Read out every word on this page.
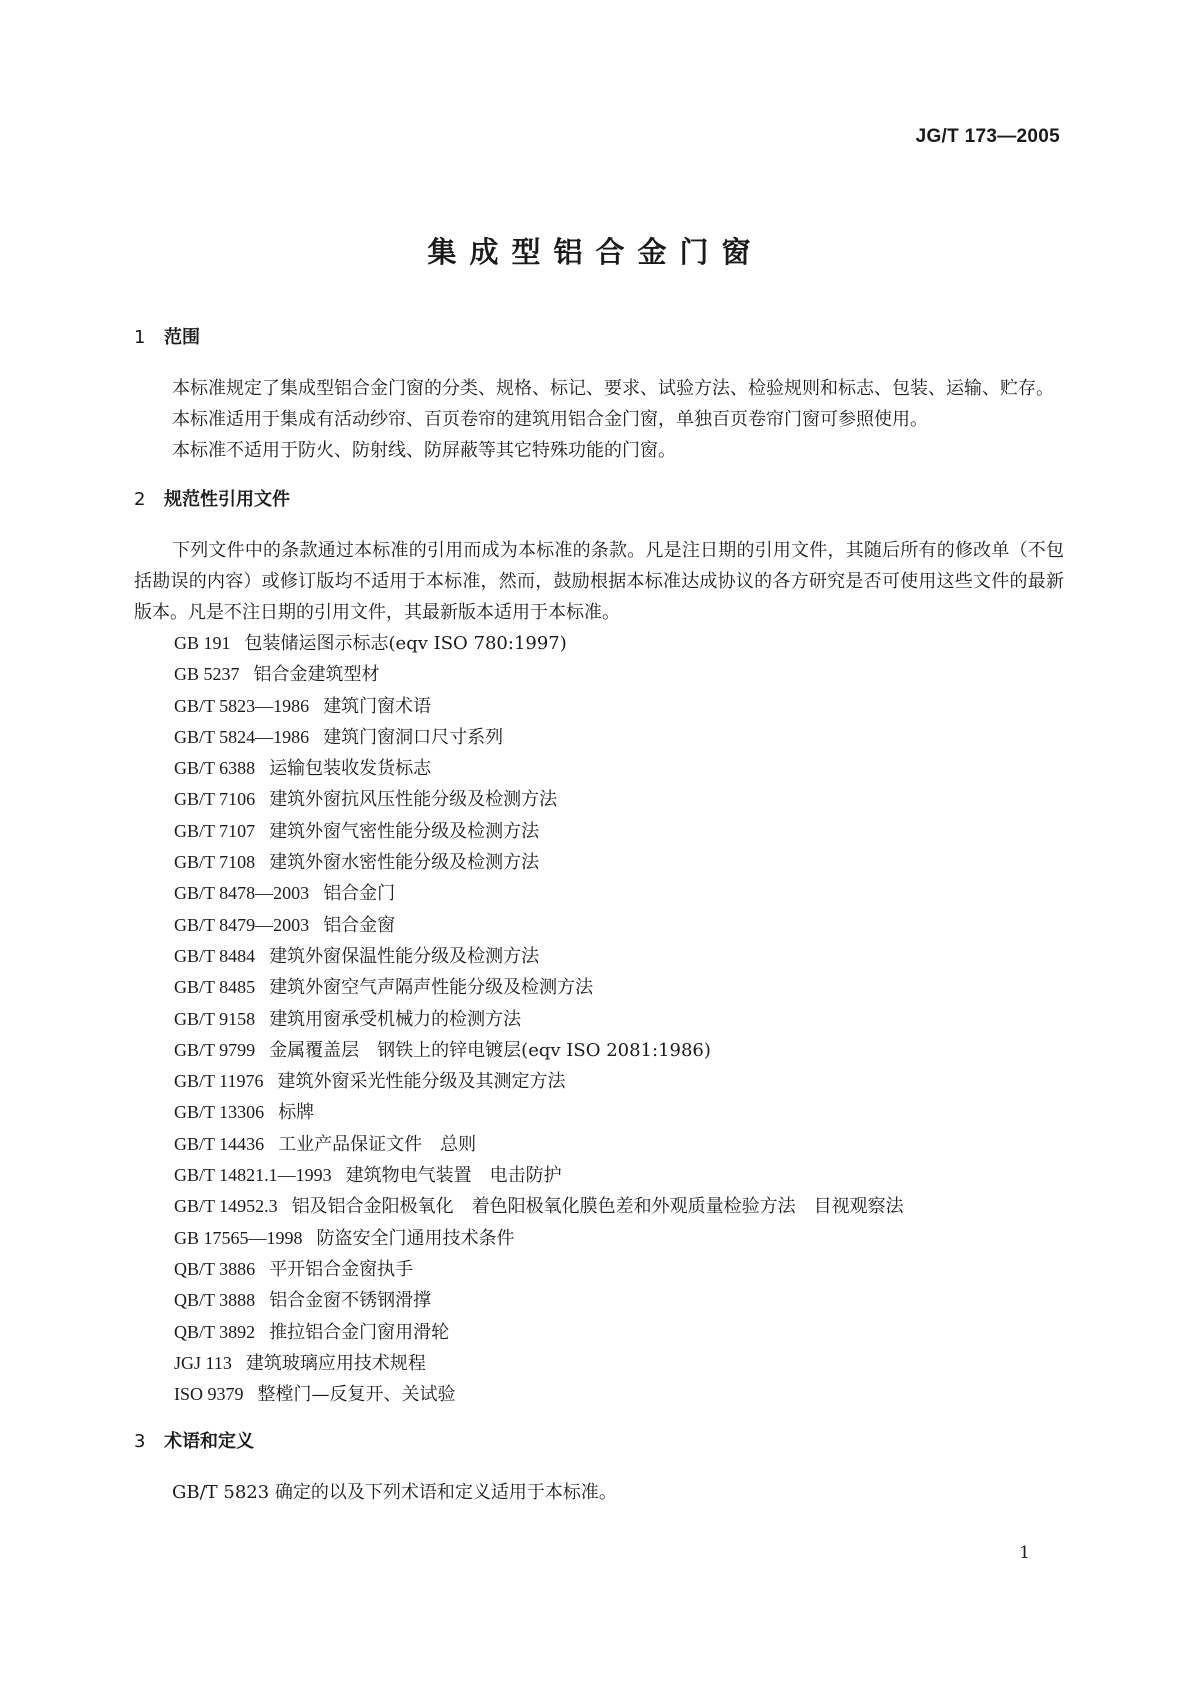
JG/T 173—2005
集成型铝合金门窗
1 范围

本标准规定了集成型铝合金门窗的分类、规格、标记、要求、试验方法、检验规则和标志、包装、运输、贮存。

本标准适用于集成有活动纱帘、百页卷帘的建筑用铝合金门窗，单独百页卷帘门窗可参照使用。

本标准不适用于防火、防射线、防屏蔽等其它特殊功能的门窗。

2 规范性引用文件

下列文件中的条款通过本标准的引用而成为本标准的条款。凡是注日期的引用文件，其随后所有的修改单（不包括勘误的内容）或修订版均不适用于本标准，然而，鼓励根据本标准达成协议的各方研究是否可使用这些文件的最新版本。凡是不注日期的引用文件，其最新版本适用于本标准。

GB 191 包装储运图示标志(eqv ISO 780:1997)
GB 5237 铝合金建筑型材
GB/T 5823—1986 建筑门窗术语
GB/T 5824—1986 建筑门窗洞口尺寸系列
GB/T 6388 运输包装收发货标志
GB/T 7106 建筑外窗抗风压性能分级及检测方法
GB/T 7107 建筑外窗气密性能分级及检测方法
GB/T 7108 建筑外窗水密性能分级及检测方法
GB/T 8478—2003 铝合金门
GB/T 8479—2003 铝合金窗
GB/T 8484 建筑外窗保温性能分级及检测方法
GB/T 8485 建筑外窗空气声隔声性能分级及检测方法
GB/T 9158 建筑用窗承受机械力的检测方法
GB/T 9799 金属覆盖层　钢铁上的锌电镀层(eqv ISO 2081:1986)
GB/T 11976 建筑外窗采光性能分级及其测定方法
GB/T 13306 标牌
GB/T 14436 工业产品保证文件　总则
GB/T 14821.1—1993 建筑物电气装置　电击防护
GB/T 14952.3 铝及铝合金阳极氧化　着色阳极氧化膜色差和外观质量检验方法　目视观察法
GB 17565—1998 防盗安全门通用技术条件
QB/T 3886 平开铝合金窗执手
QB/T 3888 铝合金窗不锈钢滑撑
QB/T 3892 推拉铝合金门窗用滑轮
JGJ 113 建筑玻璃应用技术规程
ISO 9379 整樘门—反复开、关试验
3 术语和定义

GB/T 5823 确定的以及下列术语和定义适用于本标准。

1
